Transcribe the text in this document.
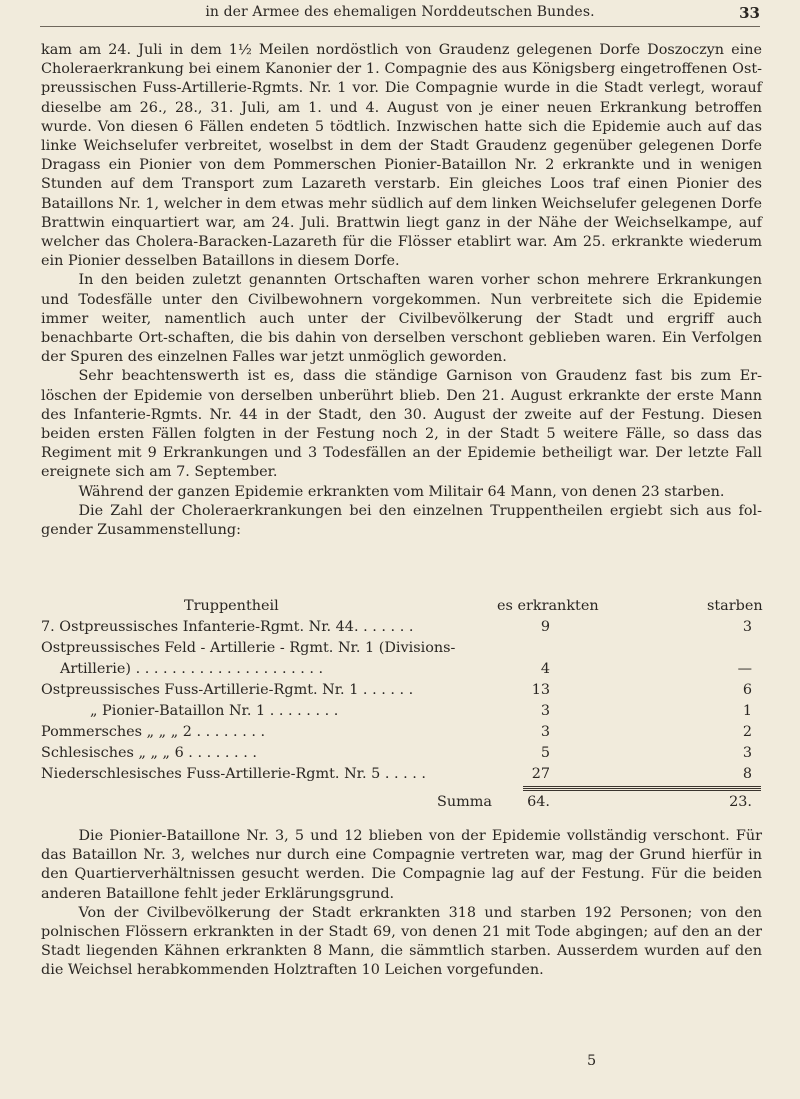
in der Armee des ehemaligen Norddeutschen Bundes.	33

kam am 24. Juli in dem 1½ Meilen nordöstlich von Graudenz gelegenen Dorfe Doszoczyn eine Choleraerkrankung bei einem Kanonier der 1. Compagnie des aus Königsberg eingetroffenen Ost-preussischen Fuss-Artillerie-Rgmts. Nr. 1 vor. Die Compagnie wurde in die Stadt verlegt, worauf dieselbe am 26., 28., 31. Juli, am 1. und 4. August von je einer neuen Erkrankung betroffen wurde. Von diesen 6 Fällen endeten 5 tödtlich. Inzwischen hatte sich die Epidemie auch auf das linke Weichselufer verbreitet, woselbst in dem der Stadt Graudenz gegenüber gelegenen Dorfe Dragass ein Pionier von dem Pommerschen Pionier-Bataillon Nr. 2 erkrankte und in wenigen Stunden auf dem Transport zum Lazareth verstarb. Ein gleiches Loos traf einen Pionier des Bataillons Nr. 1, welcher in dem etwas mehr südlich auf dem linken Weichselufer gelegenen Dorfe Brattwin einquartiert war, am 24. Juli. Brattwin liegt ganz in der Nähe der Weichselkampe, auf welcher das Cholera-Baracken-Lazareth für die Flösser etablirt war. Am 25. erkrankte wiederum ein Pionier desselben Bataillons in diesem Dorfe.

In den beiden zuletzt genannten Ortschaften waren vorher schon mehrere Erkrankungen und Todesfälle unter den Civilbewohnern vorgekommen. Nun verbreitete sich die Epidemie immer weiter, namentlich auch unter der Civilbevölkerung der Stadt und ergriff auch benachbarte Ort-schaften, die bis dahin von derselben verschont geblieben waren. Ein Verfolgen der Spuren des einzelnen Falles war jetzt unmöglich geworden.

Sehr beachtenswerth ist es, dass die ständige Garnison von Graudenz fast bis zum Er-löschen der Epidemie von derselben unberührt blieb. Den 21. August erkrankte der erste Mann des Infanterie-Rgmts. Nr. 44 in der Stadt, den 30. August der zweite auf der Festung. Diesen beiden ersten Fällen folgten in der Festung noch 2, in der Stadt 5 weitere Fälle, so dass das Regiment mit 9 Erkrankungen und 3 Todesfällen an der Epidemie betheiligt war. Der letzte Fall ereignete sich am 7. September.

Während der ganzen Epidemie erkrankten vom Militair 64 Mann, von denen 23 starben.

Die Zahl der Choleraerkrankungen bei den einzelnen Truppentheilen ergiebt sich aus fol-gender Zusammenstellung:

Truppentheil	es erkrankten	starben
7. Ostpreussisches Infanterie-Rgmt. Nr. 44. . . . . . .	9	3
Ostpreussisches Feld - Artillerie - Rgmt. Nr. 1 (Divisions-
Artillerie) . . . . . . . . . . . . . . . . . . . . .	4	—
Ostpreussisches Fuss-Artillerie-Rgmt. Nr. 1 . . . . . .	13	6
„ Pionier-Bataillon Nr. 1 . . . . . . . .	3	1
Pommersches „ „ „ 2 . . . . . . . .	3	2
Schlesisches „ „ „ 6 . . . . . . . .	5	3
Niederschlesisches Fuss-Artillerie-Rgmt. Nr. 5 . . . . .	27	8
Summa 64.	23.

Die Pionier-Bataillone Nr. 3, 5 und 12 blieben von der Epidemie vollständig verschont. Für das Bataillon Nr. 3, welches nur durch eine Compagnie vertreten war, mag der Grund hierfür in den Quartierverhältnissen gesucht werden. Die Compagnie lag auf der Festung. Für die beiden anderen Bataillone fehlt jeder Erklärungsgrund.

Von der Civilbevölkerung der Stadt erkrankten 318 und starben 192 Personen; von den polnischen Flössern erkrankten in der Stadt 69, von denen 21 mit Tode abgingen; auf den an der Stadt liegenden Kähnen erkrankten 8 Mann, die sämmtlich starben. Ausserdem wurden auf den die Weichsel herabkommenden Holztraften 10 Leichen vorgefunden.

5
